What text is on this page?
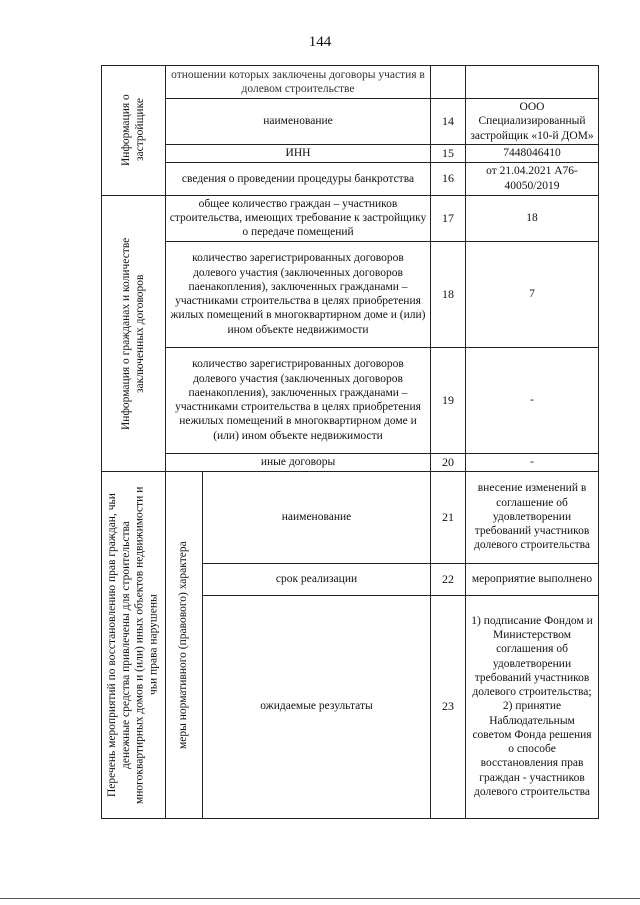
144
Информация о застройщике	отношении которых заключены договоры участия в долевом строительстве			
	наименование		14	ООО Специализированный застройщик «10-й ДОМ»
	ИНН		15	7448046410
	сведения о проведении процедуры банкротства		16	от 21.04.2021 А76-40050/2019

Информация о гражданах и количестве заключенных договоров	общее количество граждан – участников строительства, имеющих требование к застройщику о передаче помещений		17	18
	количество зарегистрированных договоров долевого участия (заключенных договоров паенакопления), заключенных гражданами – участниками строительства в целях приобретения жилых помещений в многоквартирном доме и (или) ином объекте недвижимости		18	7
	количество зарегистрированных договоров долевого участия (заключенных договоров паенакопления), заключенных гражданами – участниками строительства в целях приобретения нежилых помещений в многоквартирном доме и (или) ином объекте недвижимости		19	-
	иные договоры		20	-

Перечень мероприятий по восстановлению прав граждан, чьи денежные средства привлечены для строительства многоквартирных домов и (или) иных объектов недвижимости и чьи права нарушены	меры нормативного (правового) характера	наименование	21	внесение изменений в соглашение об удовлетворении требований участников долевого строительства
		срок реализации	22	мероприятие выполнено
		ожидаемые результаты	23	1) подписание Фондом и Министерством соглашения об удовлетворении требований участников долевого строительства; 2) принятие Наблюдательным советом Фонда решения о способе восстановления прав граждан - участников долевого строительства
